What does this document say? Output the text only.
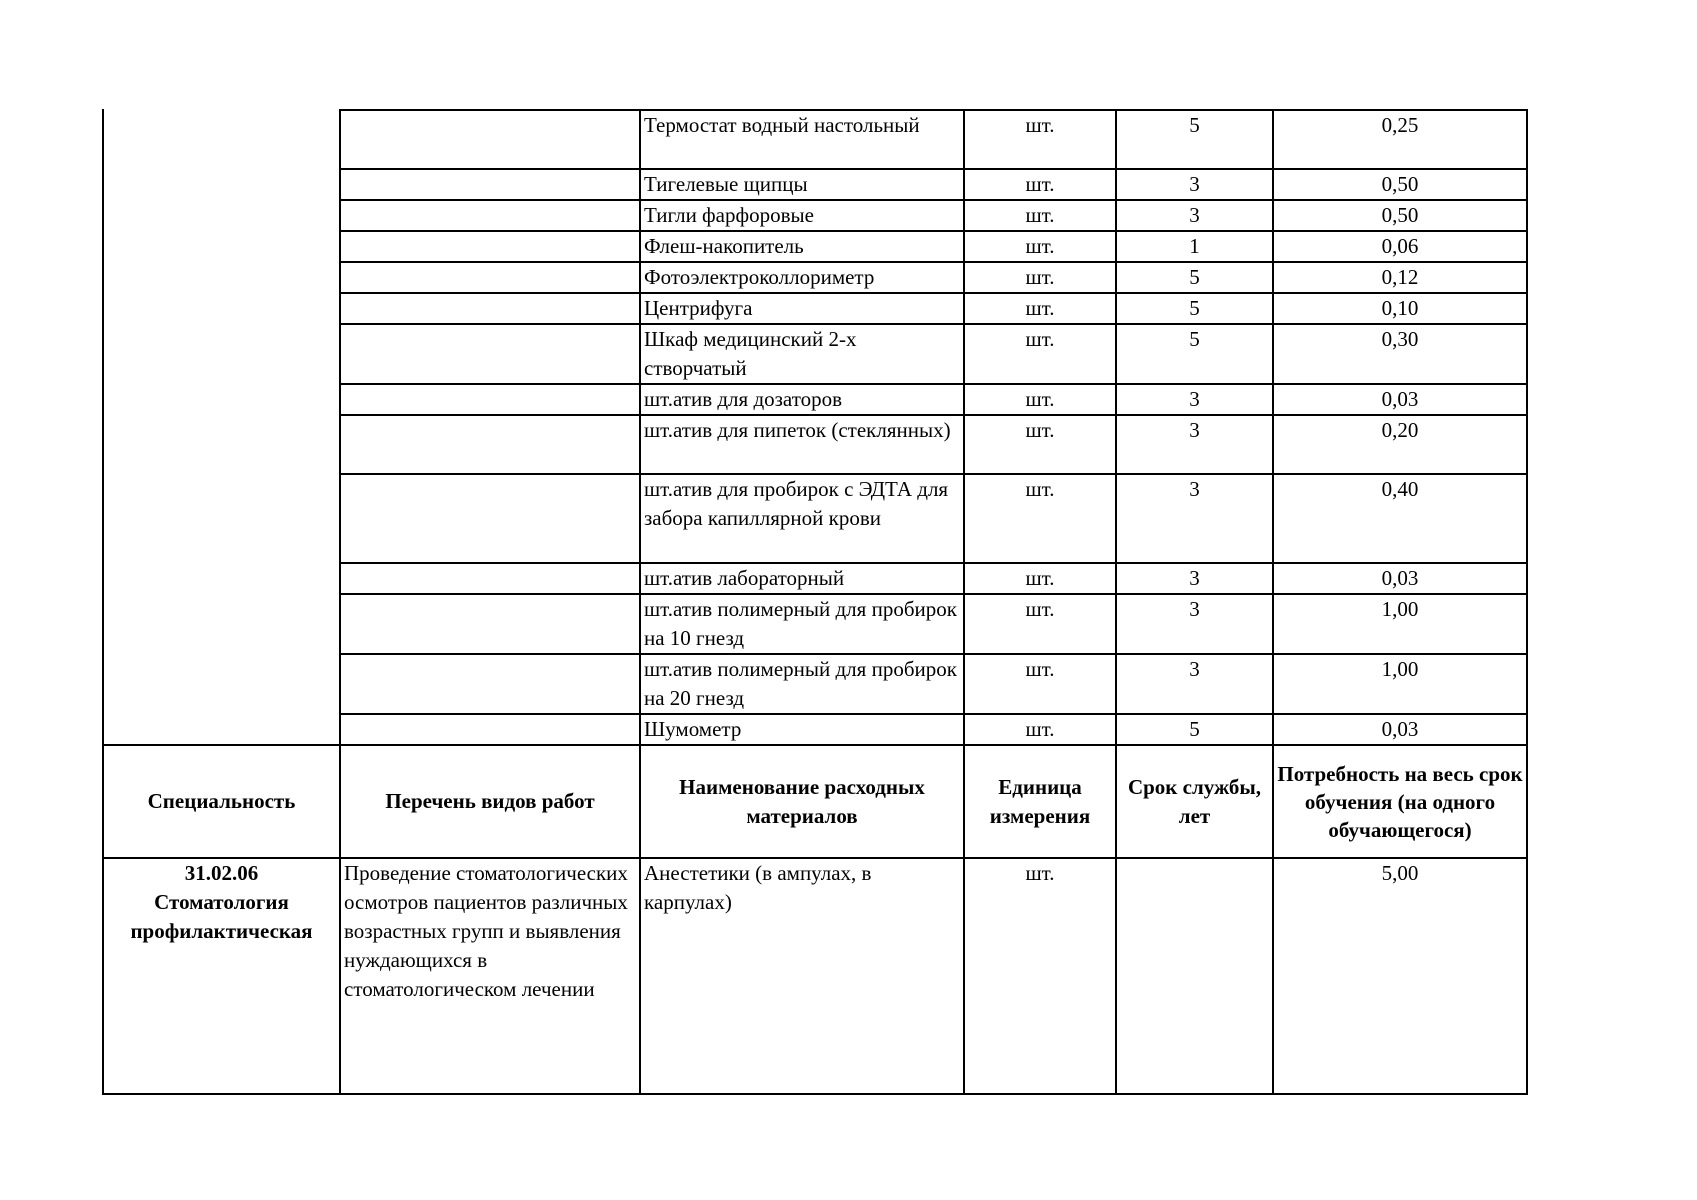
		Термостат водный настольный	шт.	5	0,25
		Тигелевые щипцы	шт.	3	0,50
		Тигли фарфоровые	шт.	3	0,50
		Флеш-накопитель	шт.	1	0,06
		Фотоэлектроколлориметр	шт.	5	0,12
		Центрифуга	шт.	5	0,10
		Шкаф медицинский 2-х створчатый	шт.	5	0,30
		шт.атив для дозаторов	шт.	3	0,03
		шт.атив для пипеток (стеклянных)	шт.	3	0,20
		шт.атив для пробирок с ЭДТА для забора капиллярной крови	шт.	3	0,40
		шт.атив лабораторный	шт.	3	0,03
		шт.атив полимерный для пробирок на 10 гнезд	шт.	3	1,00
		шт.атив полимерный для пробирок на 20 гнезд	шт.	3	1,00
		Шумометр	шт.	5	0,03
Специальность	Перечень видов работ	Наименование расходных материалов	Единица измерения	Срок службы, лет	Потребность на весь срок обучения (на одного обучающегося)

31.02.06
Стоматология профилактическая	Проведение стоматологических осмотров пациентов различных возрастных групп и выявления нуждающихся в стоматологическом лечении	Анестетики (в ампулах, в карпулах)	шт.		5,00
